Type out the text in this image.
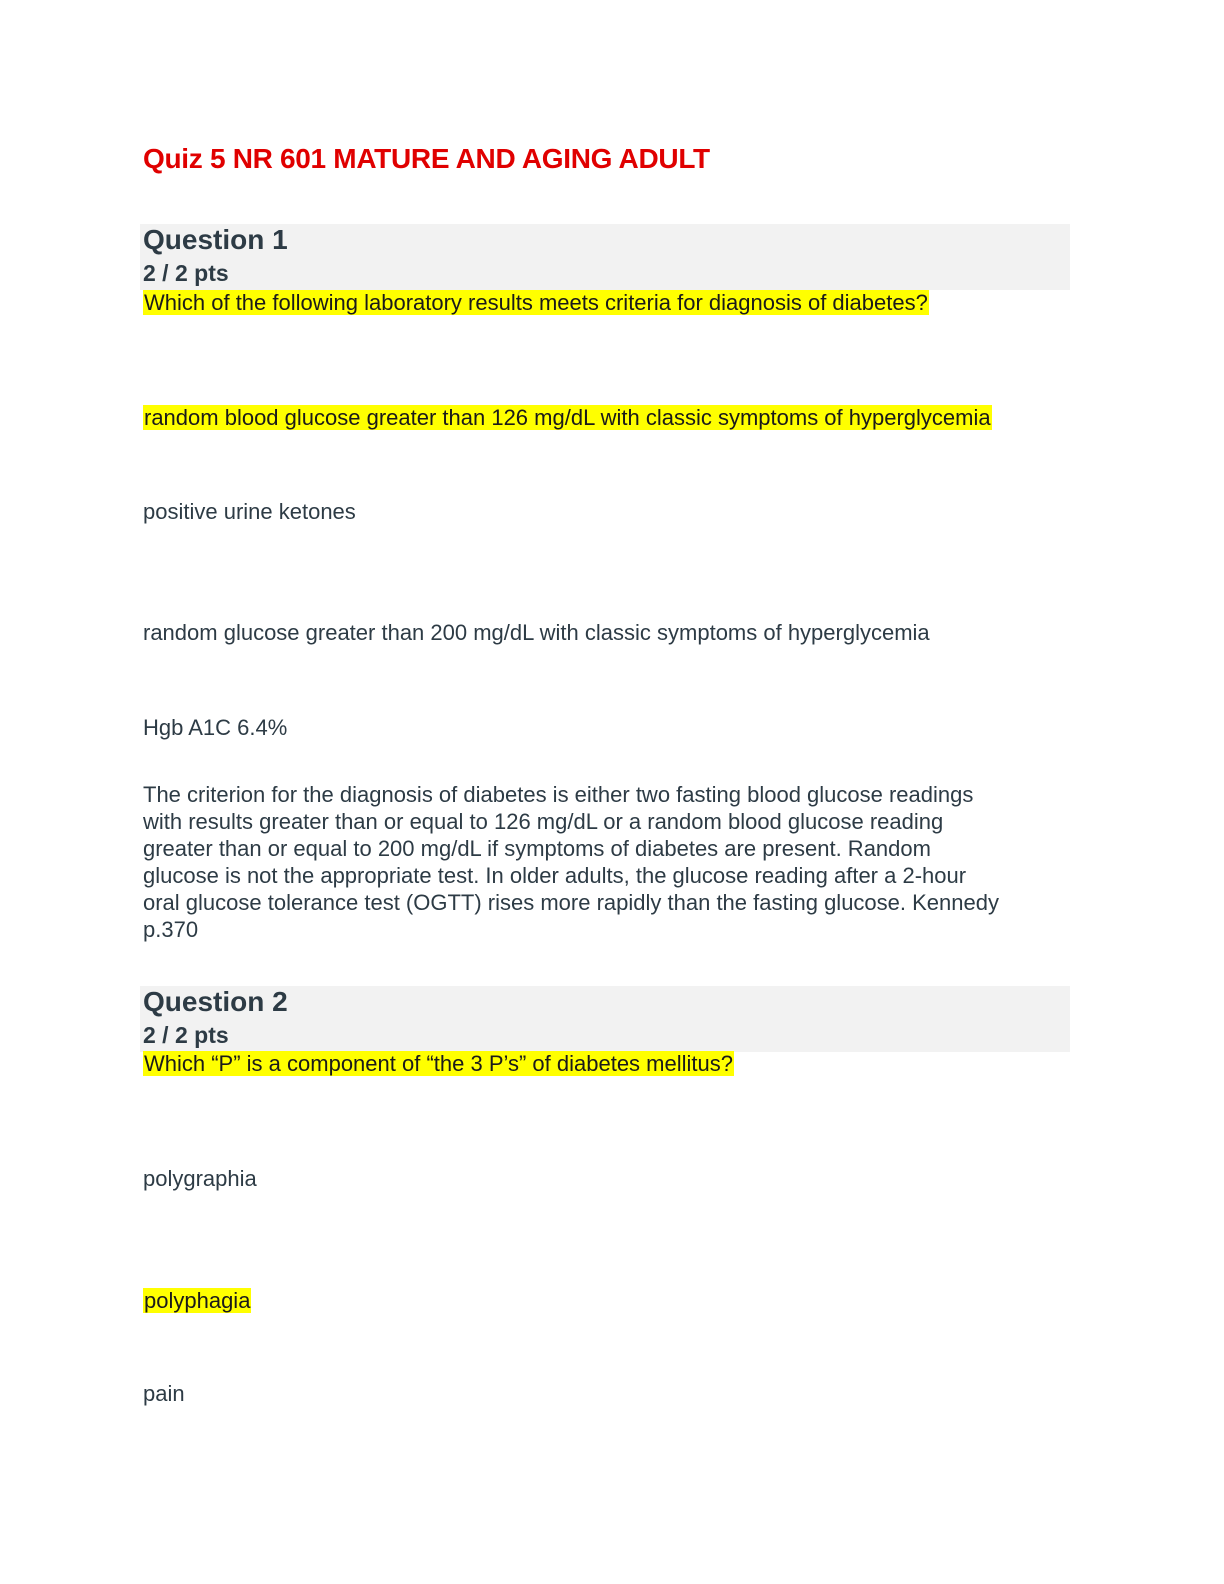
Quiz 5 NR 601 MATURE AND AGING ADULT
Question 1
2 / 2 pts
Which of the following laboratory results meets criteria for diagnosis of diabetes?
random blood glucose greater than 126 mg/dL with classic symptoms of hyperglycemia
positive urine ketones
random glucose greater than 200 mg/dL with classic symptoms of hyperglycemia
Hgb A1C 6.4%
The criterion for the diagnosis of diabetes is either two fasting blood glucose readings
with results greater than or equal to 126 mg/dL or a random blood glucose reading
greater than or equal to 200 mg/dL if symptoms of diabetes are present. Random
glucose is not the appropriate test. In older adults, the glucose reading after a 2-hour
oral glucose tolerance test (OGTT) rises more rapidly than the fasting glucose. Kennedy
p.370
Question 2
2 / 2 pts
Which “P” is a component of “the 3 P’s” of diabetes mellitus?
polygraphia
polyphagia
pain
